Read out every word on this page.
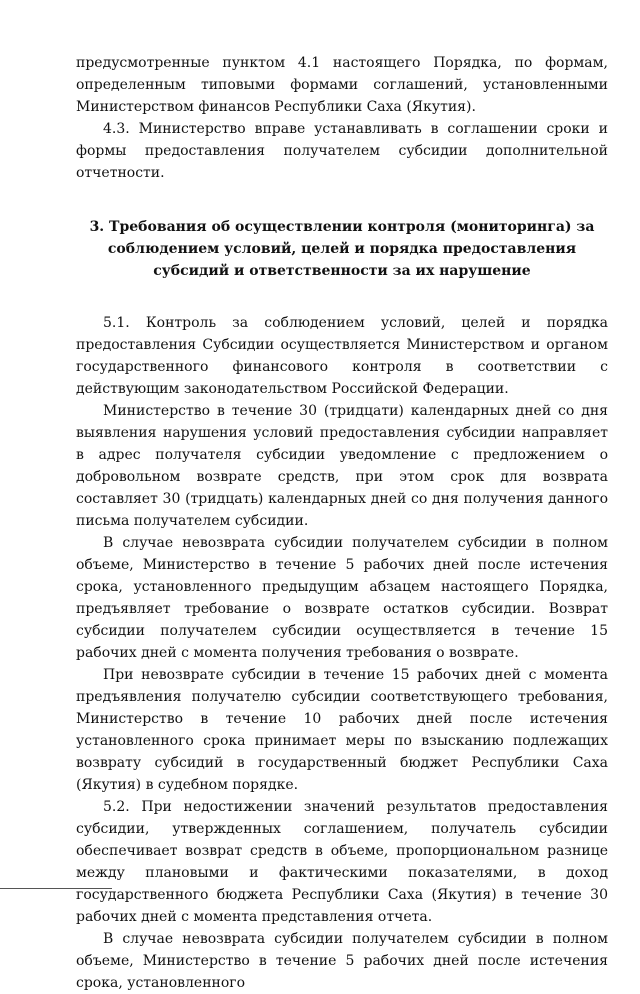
предусмотренные пунктом 4.1 настоящего Порядка, по формам, определенным типовыми формами соглашений, установленными Министерством финансов Республики Саха (Якутия).

4.3. Министерство вправе устанавливать в соглашении сроки и формы предоставления получателем субсидии дополнительной отчетности.

3. Требования об осуществлении контроля (мониторинга) за соблюдением условий, целей и порядка предоставления субсидий и ответственности за их нарушение

5.1. Контроль за соблюдением условий, целей и порядка предоставления Субсидии осуществляется Министерством и органом государственного финансового контроля в соответствии с действующим законодательством Российской Федерации.

Министерство в течение 30 (тридцати) календарных дней со дня выявления нарушения условий предоставления субсидии направляет в адрес получателя субсидии уведомление с предложением о добровольном возврате средств, при этом срок для возврата составляет 30 (тридцать) календарных дней со дня получения данного письма получателем субсидии.

В случае невозврата субсидии получателем субсидии в полном объеме, Министерство в течение 5 рабочих дней после истечения срока, установленного предыдущим абзацем настоящего Порядка, предъявляет требование о возврате остатков субсидии. Возврат субсидии получателем субсидии осуществляется в течение 15 рабочих дней с момента получения требования о возврате.

При невозврате субсидии в течение 15 рабочих дней с момента предъявления получателю субсидии соответствующего требования, Министерство в течение 10 рабочих дней после истечения установленного срока принимает меры по взысканию подлежащих возврату субсидий в государственный бюджет Республики Саха (Якутия) в судебном порядке.

5.2. При недостижении значений результатов предоставления субсидии, утвержденных соглашением, получатель субсидии обеспечивает возврат средств в объеме, пропорциональном разнице между плановыми и фактическими показателями, в доход государственного бюджета Республики Саха (Якутия) в течение 30 рабочих дней с момента представления отчета.

В случае невозврата субсидии получателем субсидии в полном объеме, Министерство в течение 5 рабочих дней после истечения срока, установленного
